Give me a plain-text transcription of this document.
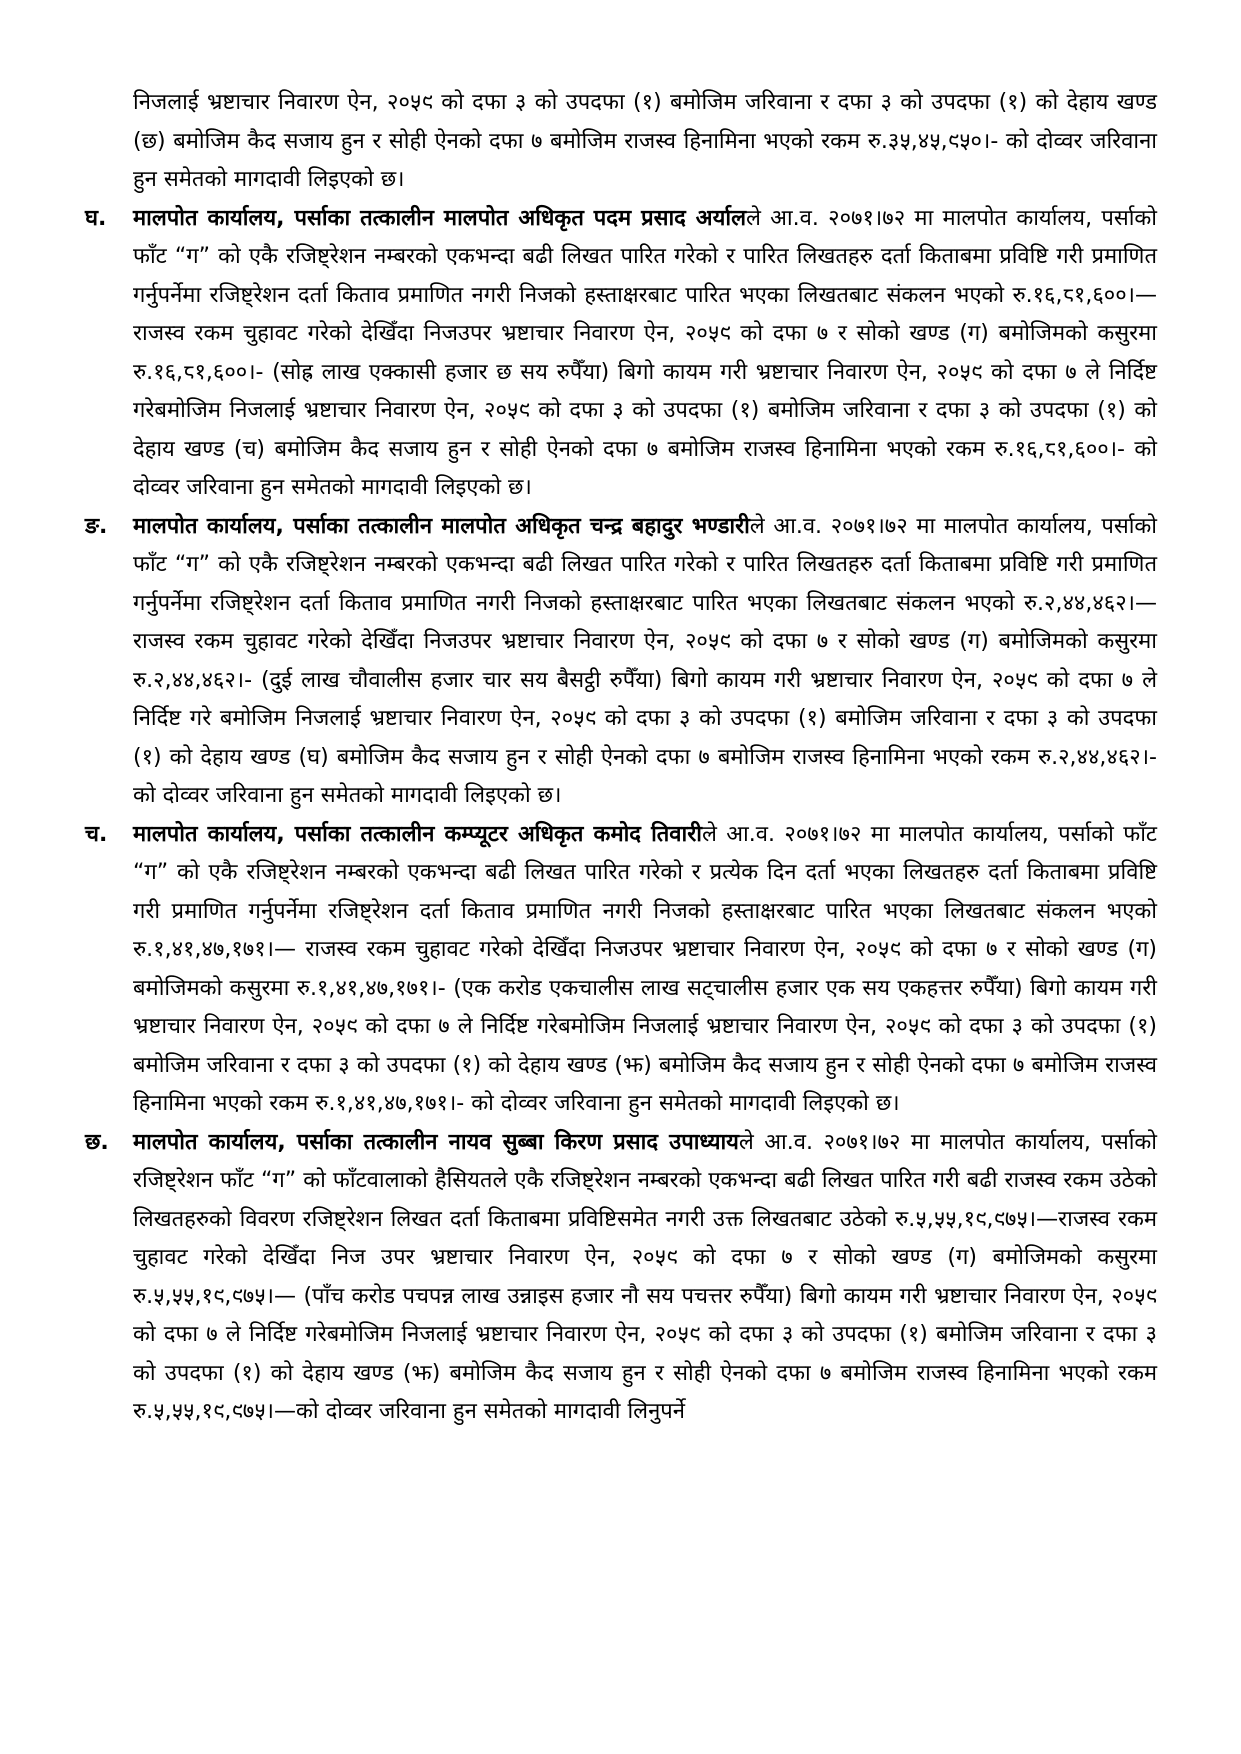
निजलाई भ्रष्टाचार निवारण ऐन, २०५९ को दफा ३ को उपदफा (१) बमोजिम जरिवाना र दफा ३ को उपदफा (१) को देहाय खण्ड (छ) बमोजिम कैद सजाय हुन र सोही ऐनको दफा ७ बमोजिम राजस्व हिनामिना भएको रकम रु.३५,४५,९५०।- को दोव्वर जरिवाना हुन समेतको मागदावी लिइएको छ।

घ.	मालपोत कार्यालय, पर्साका तत्कालीन मालपोत अधिकृत पदम प्रसाद अर्यालले आ.व. २०७१।७२ मा मालपोत कार्यालय, पर्साको फाँट “ग” को एकै रजिष्ट्रेशन नम्बरको एकभन्दा बढी लिखत पारित गरेको र पारित लिखतहरु दर्ता किताबमा प्रविष्टि गरी प्रमाणित गर्नुपर्नेमा रजिष्ट्रेशन दर्ता किताव प्रमाणित नगरी निजको हस्ताक्षरबाट पारित भएका लिखतबाट संकलन भएको रु.१६,८१,६००।— राजस्व रकम चुहावट गरेको देखिँदा निजउपर भ्रष्टाचार निवारण ऐन, २०५९ को दफा ७ र सोको खण्ड (ग) बमोजिमको कसुरमा रु.१६,८१,६००।- (सोह्र लाख एक्कासी हजार छ सय रुपैँया) बिगो कायम गरी भ्रष्टाचार निवारण ऐन, २०५९ को दफा ७ ले निर्दिष्ट गरेबमोजिम निजलाई भ्रष्टाचार निवारण ऐन, २०५९ को दफा ३ को उपदफा (१) बमोजिम जरिवाना र दफा ३ को उपदफा (१) को देहाय खण्ड (च) बमोजिम कैद सजाय हुन र सोही ऐनको दफा ७ बमोजिम राजस्व हिनामिना भएको रकम रु.१६,८१,६००।- को दोव्वर जरिवाना हुन समेतको मागदावी लिइएको छ।
ङ.	मालपोत कार्यालय, पर्साका तत्कालीन मालपोत अधिकृत चन्द्र बहादुर भण्डारीले आ.व. २०७१।७२ मा मालपोत कार्यालय, पर्साको फाँट “ग” को एकै रजिष्ट्रेशन नम्बरको एकभन्दा बढी लिखत पारित गरेको र पारित लिखतहरु दर्ता किताबमा प्रविष्टि गरी प्रमाणित गर्नुपर्नेमा रजिष्ट्रेशन दर्ता किताव प्रमाणित नगरी निजको हस्ताक्षरबाट पारित भएका लिखतबाट संकलन भएको रु.२,४४,४६२।— राजस्व रकम चुहावट गरेको देखिँदा निजउपर भ्रष्टाचार निवारण ऐन, २०५९ को दफा ७ र सोको खण्ड (ग) बमोजिमको कसुरमा रु.२,४४,४६२।- (दुई लाख चौवालीस हजार चार सय बैसट्ठी रुपैँया) बिगो कायम गरी भ्रष्टाचार निवारण ऐन, २०५९ को दफा ७ ले निर्दिष्ट गरे बमोजिम निजलाई भ्रष्टाचार निवारण ऐन, २०५९ को दफा ३ को उपदफा (१) बमोजिम जरिवाना र दफा ३ को उपदफा (१) को देहाय खण्ड (घ) बमोजिम कैद सजाय हुन र सोही ऐनको दफा ७ बमोजिम राजस्व हिनामिना भएको रकम रु.२,४४,४६२।- को दोव्वर जरिवाना हुन समेतको मागदावी लिइएको छ।
च.	मालपोत कार्यालय, पर्साका तत्कालीन कम्प्यूटर अधिकृत कमोद तिवारीले आ.व. २०७१।७२ मा मालपोत कार्यालय, पर्साको फाँट “ग” को एकै रजिष्ट्रेशन नम्बरको एकभन्दा बढी लिखत पारित गरेको र प्रत्येक दिन दर्ता भएका लिखतहरु दर्ता किताबमा प्रविष्टि गरी प्रमाणित गर्नुपर्नेमा रजिष्ट्रेशन दर्ता किताव प्रमाणित नगरी निजको हस्ताक्षरबाट पारित भएका लिखतबाट संकलन भएको रु.१,४१,४७,१७१।— राजस्व रकम चुहावट गरेको देखिँदा निजउपर भ्रष्टाचार निवारण ऐन, २०५९ को दफा ७ र सोको खण्ड (ग) बमोजिमको कसुरमा रु.१,४१,४७,१७१।- (एक करोड एकचालीस लाख सट्चालीस हजार एक सय एकहत्तर रुपैँया) बिगो कायम गरी भ्रष्टाचार निवारण ऐन, २०५९ को दफा ७ ले निर्दिष्ट गरेबमोजिम निजलाई भ्रष्टाचार निवारण ऐन, २०५९ को दफा ३ को उपदफा (१) बमोजिम जरिवाना र दफा ३ को उपदफा (१) को देहाय खण्ड (झ) बमोजिम कैद सजाय हुन र सोही ऐनको दफा ७ बमोजिम राजस्व हिनामिना भएको रकम रु.१,४१,४७,१७१।- को दोव्वर जरिवाना हुन समेतको मागदावी लिइएको छ।
छ.	मालपोत कार्यालय, पर्साका तत्कालीन नायव सुब्बा किरण प्रसाद उपाध्यायले आ.व. २०७१।७२ मा मालपोत कार्यालय, पर्साको रजिष्ट्रेशन फाँट “ग” को फाँटवालाको हैसियतले एकै रजिष्ट्रेशन नम्बरको एकभन्दा बढी लिखत पारित गरी बढी राजस्व रकम उठेको लिखतहरुको विवरण रजिष्ट्रेशन लिखत दर्ता किताबमा प्रविष्टिसमेत नगरी उक्त लिखतबाट उठेको रु.५,५५,१९,९७५।—राजस्व रकम चुहावट गरेको देखिँदा निज उपर भ्रष्टाचार निवारण ऐन, २०५९ को दफा ७ र सोको खण्ड (ग) बमोजिमको कसुरमा रु.५,५५,१९,९७५।— (पाँच करोड पचपन्न लाख उन्नाइस हजार नौ सय पचत्तर रुपैँया) बिगो कायम गरी भ्रष्टाचार निवारण ऐन, २०५९ को दफा ७ ले निर्दिष्ट गरेबमोजिम निजलाई भ्रष्टाचार निवारण ऐन, २०५९ को दफा ३ को उपदफा (१) बमोजिम जरिवाना र दफा ३ को उपदफा (१) को देहाय खण्ड (झ) बमोजिम कैद सजाय हुन र सोही ऐनको दफा ७ बमोजिम राजस्व हिनामिना भएको रकम रु.५,५५,१९,९७५।—को दोव्वर जरिवाना हुन समेतको मागदावी लिनुपर्ने
